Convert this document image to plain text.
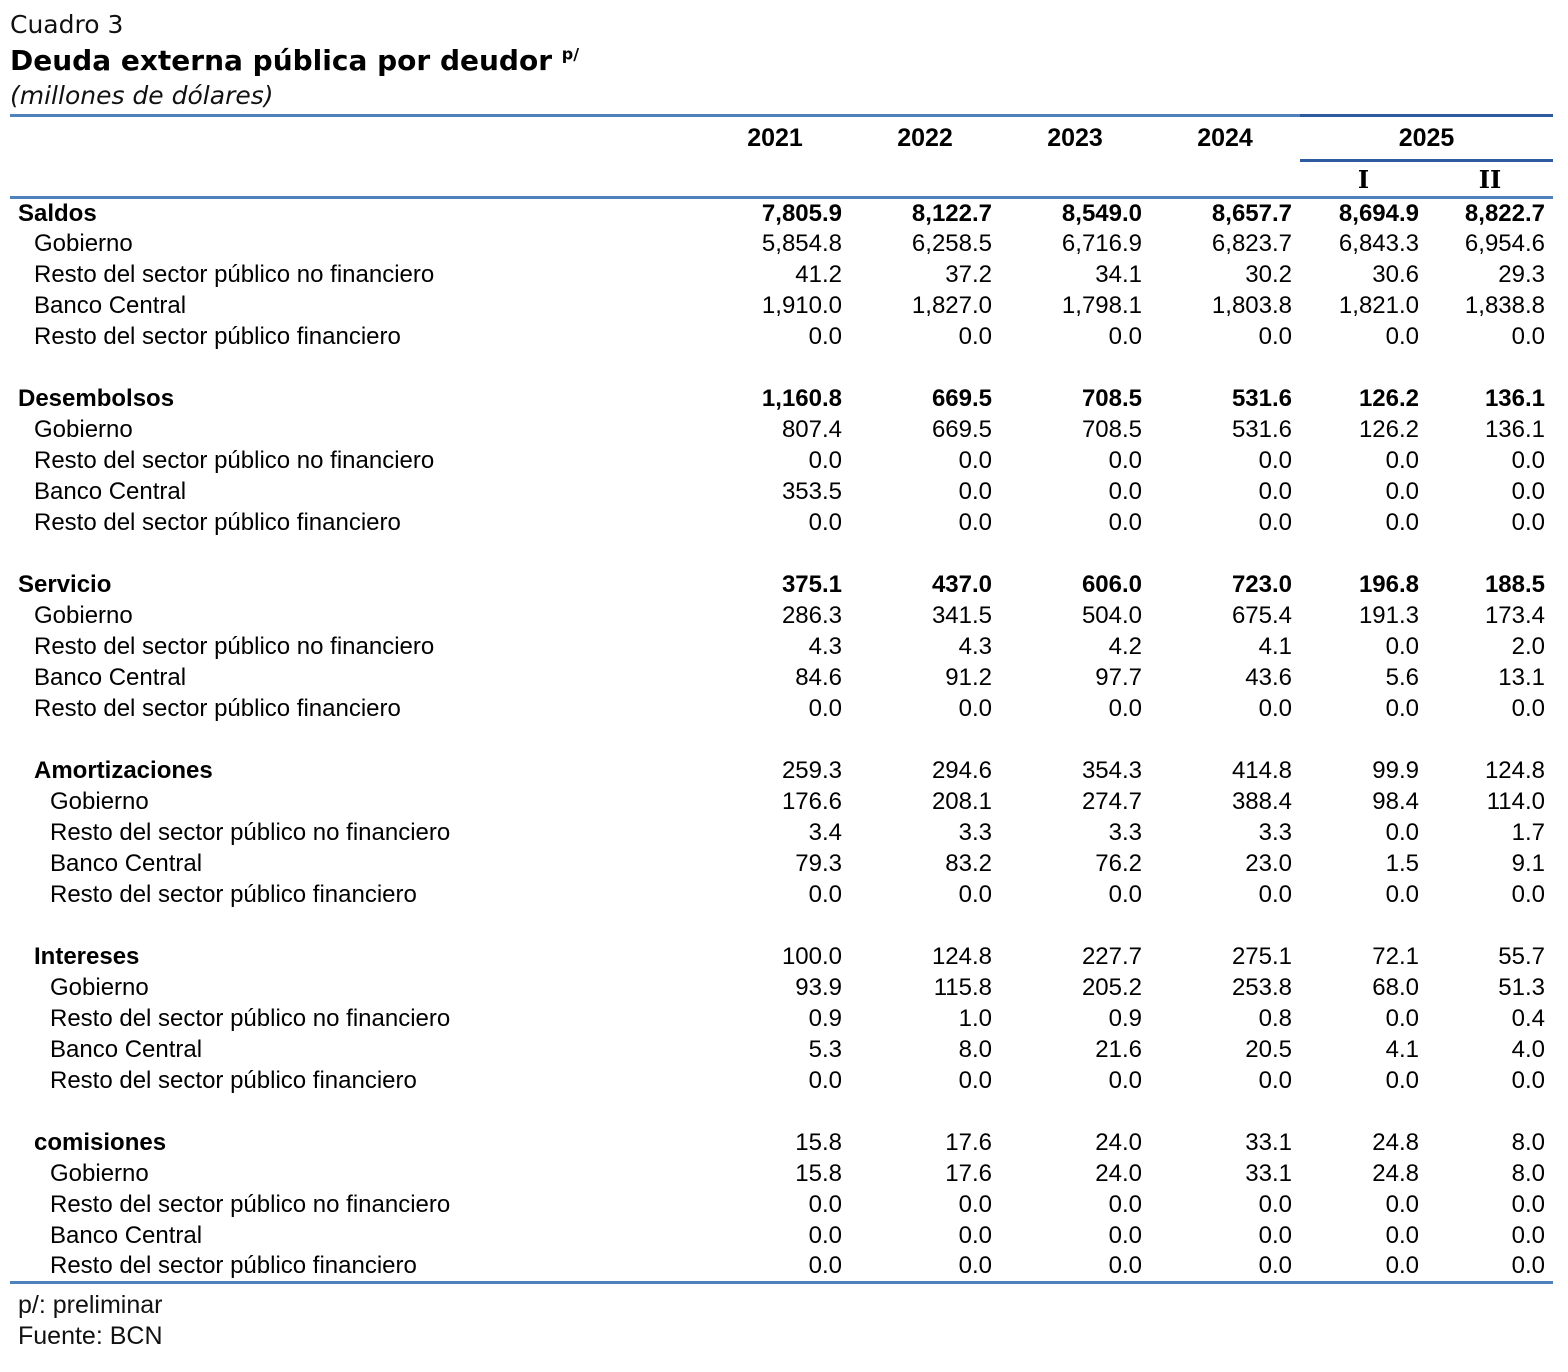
Cuadro 3
Deuda externa pública por deudor $^{p/}$
(millones de dólares)
	2021	2022	2023	2024	2025	
					I	II
Saldos	7,805.9	8,122.7	8,549.0	8,657.7	8,694.9	8,822.7
Gobierno	5,854.8	6,258.5	6,716.9	6,823.7	6,843.3	6,954.6
Resto del sector público no financiero	41.2	37.2	34.1	30.2	30.6	29.3
Banco Central	1,910.0	1,827.0	1,798.1	1,803.8	1,821.0	1,838.8
Resto del sector público financiero	0.0	0.0	0.0	0.0	0.0	0.0

Desembolsos	1,160.8	669.5	708.5	531.6	126.2	136.1
Gobierno	807.4	669.5	708.5	531.6	126.2	136.1
Resto del sector público no financiero	0.0	0.0	0.0	0.0	0.0	0.0
Banco Central	353.5	0.0	0.0	0.0	0.0	0.0
Resto del sector público financiero	0.0	0.0	0.0	0.0	0.0	0.0

Servicio	375.1	437.0	606.0	723.0	196.8	188.5
Gobierno	286.3	341.5	504.0	675.4	191.3	173.4
Resto del sector público no financiero	4.3	4.3	4.2	4.1	0.0	2.0
Banco Central	84.6	91.2	97.7	43.6	5.6	13.1
Resto del sector público financiero	0.0	0.0	0.0	0.0	0.0	0.0

Amortizaciones	259.3	294.6	354.3	414.8	99.9	124.8
Gobierno	176.6	208.1	274.7	388.4	98.4	114.0
Resto del sector público no financiero	3.4	3.3	3.3	3.3	0.0	1.7
Banco Central	79.3	83.2	76.2	23.0	1.5	9.1
Resto del sector público financiero	0.0	0.0	0.0	0.0	0.0	0.0

Intereses	100.0	124.8	227.7	275.1	72.1	55.7
Gobierno	93.9	115.8	205.2	253.8	68.0	51.3
Resto del sector público no financiero	0.9	1.0	0.9	0.8	0.0	0.4
Banco Central	5.3	8.0	21.6	20.5	4.1	4.0
Resto del sector público financiero	0.0	0.0	0.0	0.0	0.0	0.0

comisiones	15.8	17.6	24.0	33.1	24.8	8.0
Gobierno	15.8	17.6	24.0	33.1	24.8	8.0
Resto del sector público no financiero	0.0	0.0	0.0	0.0	0.0	0.0
Banco Central	0.0	0.0	0.0	0.0	0.0	0.0
Resto del sector público financiero	0.0	0.0	0.0	0.0	0.0	0.0
p/: preliminar
Fuente: BCN
